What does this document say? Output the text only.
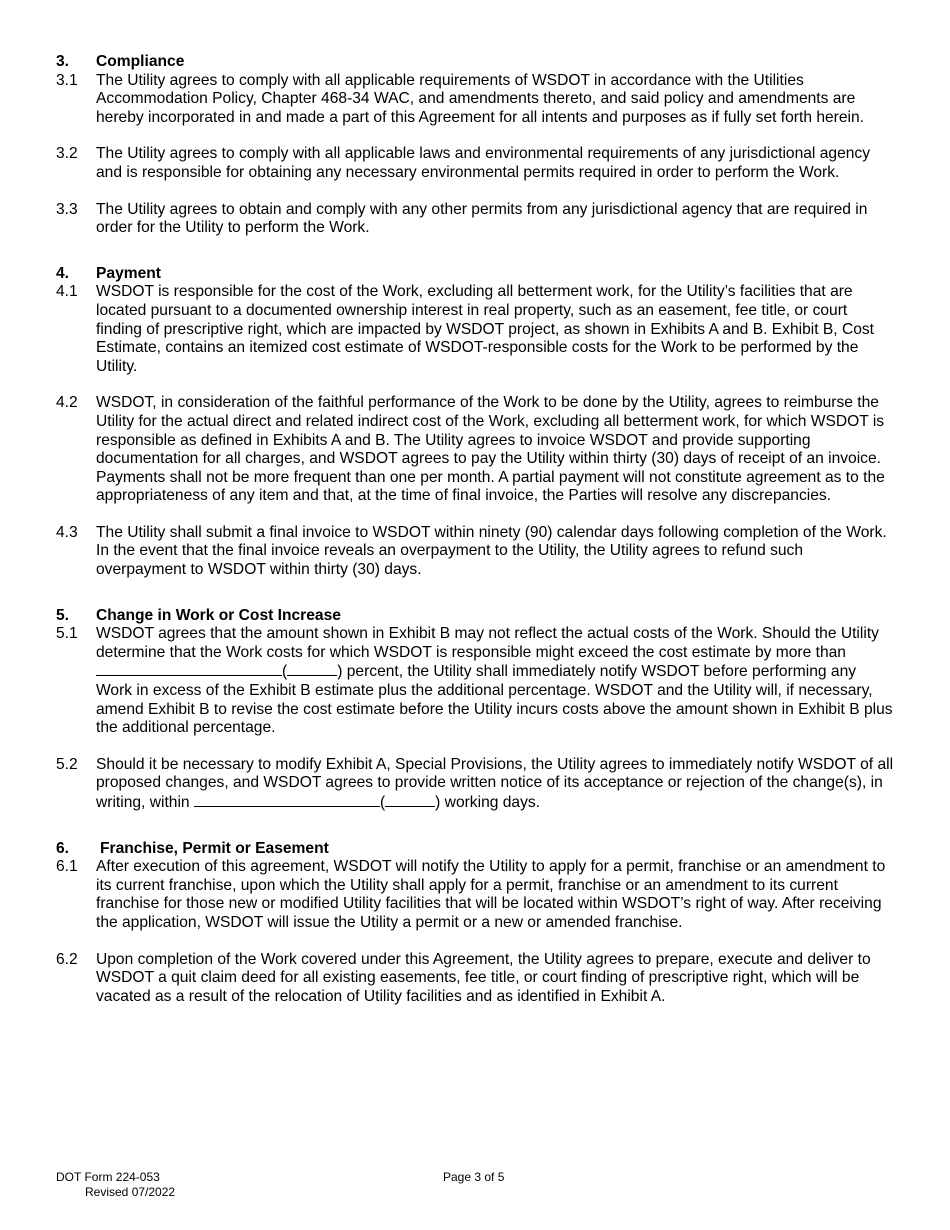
3.	Compliance
3.1	The Utility agrees to comply with all applicable requirements of WSDOT in accordance with the Utilities Accommodation Policy, Chapter 468-34 WAC, and amendments thereto, and said policy and amendments are hereby incorporated in and made a part of this Agreement for all intents and purposes as if fully set forth herein.
3.2	The Utility agrees to comply with all applicable laws and environmental requirements of any jurisdictional agency and is responsible for obtaining any necessary environmental permits required in order to perform the Work.
3.3	The Utility agrees to obtain and comply with any other permits from any jurisdictional agency that are required in order for the Utility to perform the Work.
4.	Payment
4.1	WSDOT is responsible for the cost of the Work, excluding all betterment work, for the Utility’s facilities that are located pursuant to a documented ownership interest in real property, such as an easement, fee title, or court finding of prescriptive right, which are impacted by WSDOT project, as shown in Exhibits A and B. Exhibit B, Cost Estimate, contains an itemized cost estimate of WSDOT-responsible costs for the Work to be performed by the Utility.
4.2	WSDOT, in consideration of the faithful performance of the Work to be done by the Utility, agrees to reimburse the Utility for the actual direct and related indirect cost of the Work, excluding all betterment work, for which WSDOT is responsible as defined in Exhibits A and B. The Utility agrees to invoice WSDOT and provide supporting documentation for all charges, and WSDOT agrees to pay the Utility within thirty (30) days of receipt of an invoice. Payments shall not be more frequent than one per month. A partial payment will not constitute agreement as to the appropriateness of any item and that, at the time of final invoice, the Parties will resolve any discrepancies.
4.3	The Utility shall submit a final invoice to WSDOT within ninety (90) calendar days following completion of the Work. In the event that the final invoice reveals an overpayment to the Utility, the Utility agrees to refund such overpayment to WSDOT within thirty (30) days.
5.	Change in Work or Cost Increase
5.1	WSDOT agrees that the amount shown in Exhibit B may not reflect the actual costs of the Work. Should the Utility determine that the Work costs for which WSDOT is responsible might exceed the cost estimate by more than (	) percent, the Utility shall immediately notify WSDOT before performing any Work in excess of the Exhibit B estimate plus the additional percentage. WSDOT and the Utility will, if necessary, amend Exhibit B to revise the cost estimate before the Utility incurs costs above the amount shown in Exhibit B plus the additional percentage.
5.2	Should it be necessary to modify Exhibit A, Special Provisions, the Utility agrees to immediately notify WSDOT of all proposed changes, and WSDOT agrees to provide written notice of its acceptance or rejection of the change(s), in writing, within	(	) working days.
6.	Franchise, Permit or Easement
6.1	After execution of this agreement, WSDOT will notify the Utility to apply for a permit, franchise or an amendment to its current franchise, upon which the Utility shall apply for a permit, franchise or an amendment to its current franchise for those new or modified Utility facilities that will be located within WSDOT’s right of way. After receiving the application, WSDOT will issue the Utility a permit or a new or amended franchise.
6.2	Upon completion of the Work covered under this Agreement, the Utility agrees to prepare, execute and deliver to WSDOT a quit claim deed for all existing easements, fee title, or court finding of prescriptive right, which will be vacated as a result of the relocation of Utility facilities and as identified in Exhibit A.
DOT Form 224-053
Revised 07/2022
Page 3 of 5
